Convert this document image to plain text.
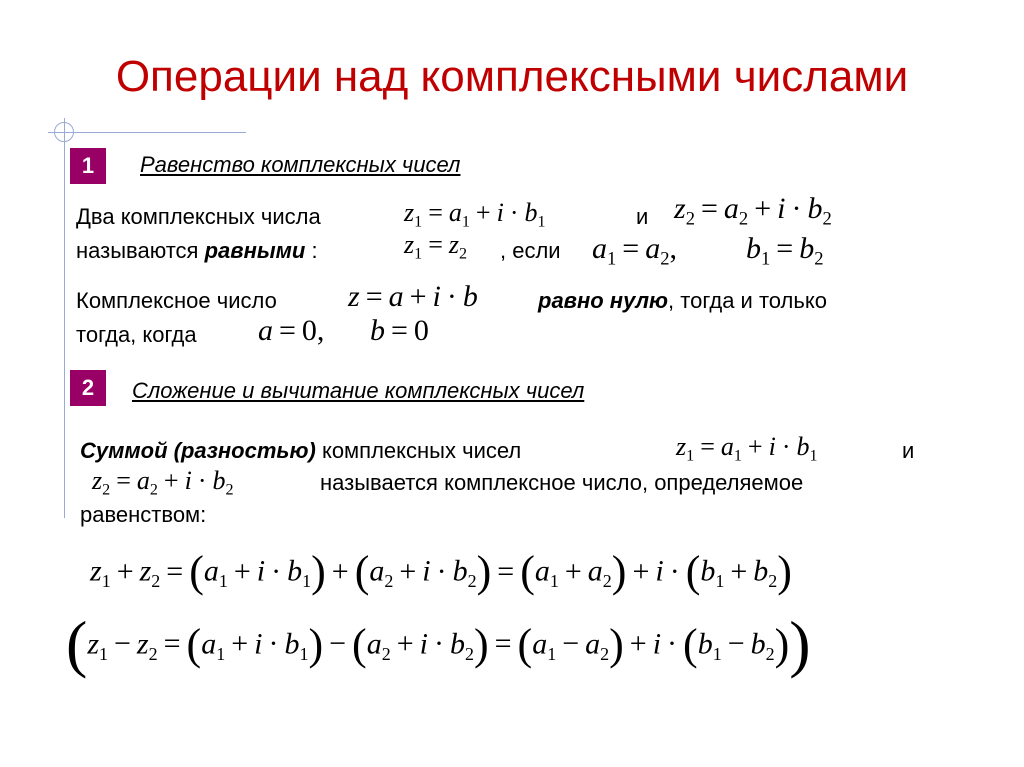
Операции над комплексными числами
1	Равенство комплексных чисел
Два комплексных числа	$z_1 = a_1 + i \cdot b_1$	и $z_2 = a_2 + i \cdot b_2$
называются равными :	$z_1 = z_2$ , если $a_1 = a_2$, $b_1 = b_2$
Комплексное число z = a + i · b	равно нулю, тогда и только
тогда, когда a = 0, b = 0
2	Сложение и вычитание комплексных чисел
Суммой (разностью) комплексных чисел	$z_1 = a_1 + i \cdot b_1$	и
$z_2 = a_2 + i \cdot b_2$	называется комплексное число, определяемое
равенством:
$z_1 + z_2 = (a_1 + i \cdot b_1) + (a_2 + i \cdot b_2) = (a_1 + a_2) + i \cdot (b_1 + b_2)$
$(z_1 - z_2 = (a_1 + i \cdot b_1) - (a_2 + i \cdot b_2) = (a_1 - a_2) + i \cdot (b_1 - b_2))$
